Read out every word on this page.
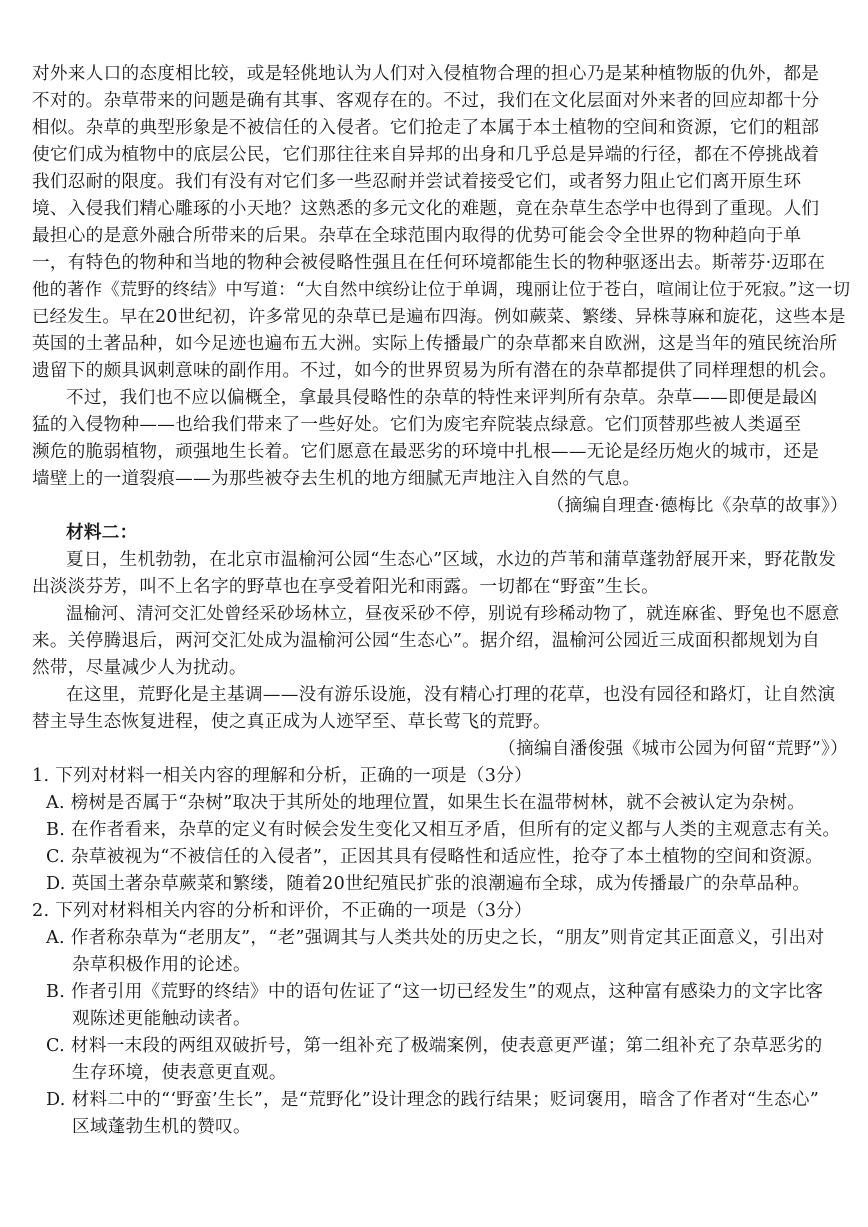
对外来人口的态度相比较，或是轻佻地认为人们对入侵植物合理的担心乃是某种植物版的仇外，都是
不对的。杂草带来的问题是确有其事、客观存在的。不过，我们在文化层面对外来者的回应却都十分
相似。杂草的典型形象是不被信任的入侵者。它们抢走了本属于本土植物的空间和资源，它们的粗部
使它们成为植物中的底层公民，它们那往往来自异邦的出身和几乎总是异端的行径，都在不停挑战着
我们忍耐的限度。我们有没有对它们多一些忍耐并尝试着接受它们，或者努力阻止它们离开原生环
境、入侵我们精心雕琢的小天地？这熟悉的多元文化的难题，竟在杂草生态学中也得到了重现。人们
最担心的是意外融合所带来的后果。杂草在全球范围内取得的优势可能会令全世界的物种趋向于单
一，有特色的物种和当地的物种会被侵略性强且在任何环境都能生长的物种驱逐出去。斯蒂芬·迈耶在
他的著作《荒野的终结》中写道：“大自然中缤纷让位于单调，瑰丽让位于苍白，喧闹让位于死寂。”这一切
已经发生。早在20世纪初，许多常见的杂草已是遍布四海。例如蕨菜、繁缕、异株荨麻和旋花，这些本是
英国的土著品种，如今足迹也遍布五大洲。实际上传播最广的杂草都来自欧洲，这是当年的殖民统治所
遗留下的颇具讽刺意味的副作用。不过，如今的世界贸易为所有潜在的杂草都提供了同样理想的机会。
不过，我们也不应以偏概全，拿最具侵略性的杂草的特性来评判所有杂草。杂草——即便是最凶
猛的入侵物种——也给我们带来了一些好处。它们为废宅弃院装点绿意。它们顶替那些被人类逼至
濒危的脆弱植物，顽强地生长着。它们愿意在最恶劣的环境中扎根——无论是经历炮火的城市，还是
墙壁上的一道裂痕——为那些被夺去生机的地方细腻无声地注入自然的气息。
（摘编自理查·德梅比《杂草的故事》）
材料二：
夏日，生机勃勃，在北京市温榆河公园“生态心”区域，水边的芦苇和蒲草蓬勃舒展开来，野花散发
出淡淡芬芳，叫不上名字的野草也在享受着阳光和雨露。一切都在“野蛮”生长。
温榆河、清河交汇处曾经采砂场林立，昼夜采砂不停，别说有珍稀动物了，就连麻雀、野兔也不愿意
来。关停腾退后，两河交汇处成为温榆河公园“生态心”。据介绍，温榆河公园近三成面积都规划为自
然带，尽量减少人为扰动。
在这里，荒野化是主基调——没有游乐设施，没有精心打理的花草，也没有园径和路灯，让自然演
替主导生态恢复进程，使之真正成为人迹罕至、草长莺飞的荒野。
（摘编自潘俊强《城市公园为何留“荒野”》）
1. 下列对材料一相关内容的理解和分析，正确的一项是（3分）
A. 榜树是否属于“杂树”取决于其所处的地理位置，如果生长在温带树林，就不会被认定为杂树。
B. 在作者看来，杂草的定义有时候会发生变化又相互矛盾，但所有的定义都与人类的主观意志有关。
C. 杂草被视为“不被信任的入侵者”，正因其具有侵略性和适应性，抢夺了本土植物的空间和资源。
D. 英国土著杂草蕨菜和繁缕，随着20世纪殖民扩张的浪潮遍布全球，成为传播最广的杂草品种。
2. 下列对材料相关内容的分析和评价，不正确的一项是（3分）
A. 作者称杂草为“老朋友”，“老”强调其与人类共处的历史之长，“朋友”则肯定其正面意义，引出对
杂草积极作用的论述。
B. 作者引用《荒野的终结》中的语句佐证了“这一切已经发生”的观点，这种富有感染力的文字比客
观陈述更能触动读者。
C. 材料一末段的两组双破折号，第一组补充了极端案例，使表意更严谨；第二组补充了杂草恶劣的
生存环境，使表意更直观。
D. 材料二中的“‘野蛮’生长”，是“荒野化”设计理念的践行结果；贬词褒用，暗含了作者对“生态心”
区域蓬勃生机的赞叹。
